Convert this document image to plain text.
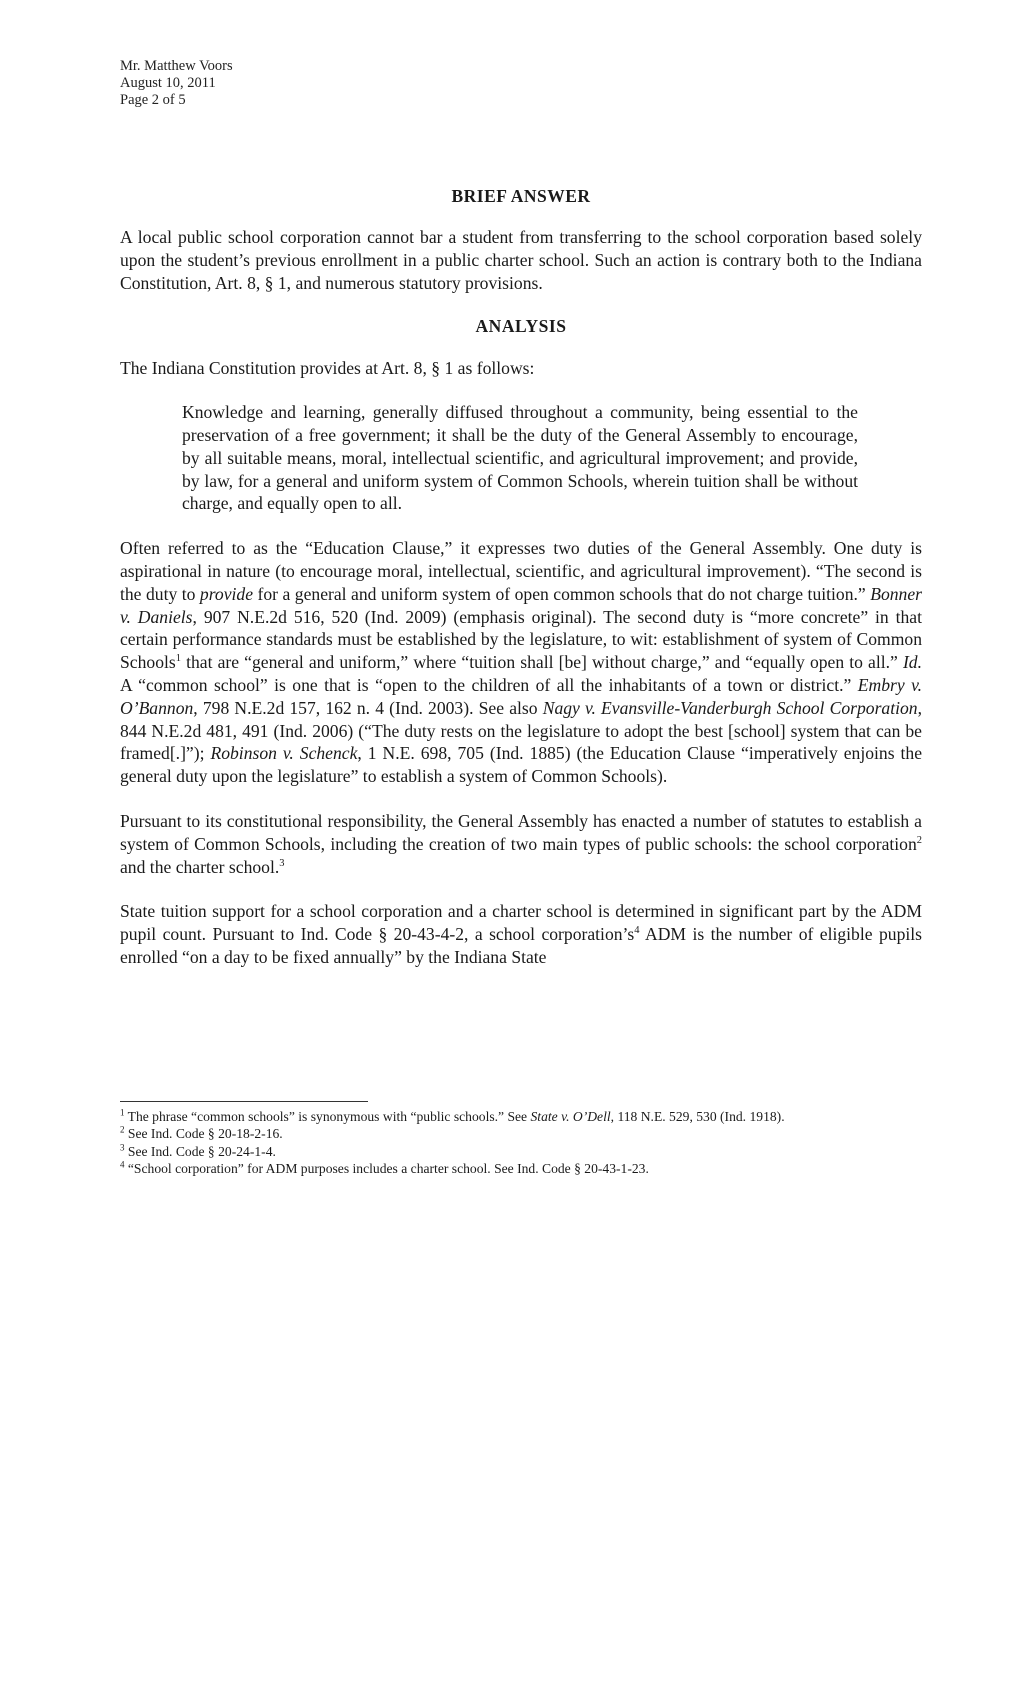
Mr. Matthew Voors
August 10, 2011
Page 2 of 5
BRIEF ANSWER

A local public school corporation cannot bar a student from transferring to the school corporation based solely upon the student’s previous enrollment in a public charter school. Such an action is contrary both to the Indiana Constitution, Art. 8, § 1, and numerous statutory provisions.

ANALYSIS

The Indiana Constitution provides at Art. 8, § 1 as follows:

Knowledge and learning, generally diffused throughout a community, being essential to the preservation of a free government; it shall be the duty of the General Assembly to encourage, by all suitable means, moral, intellectual scientific, and agricultural improvement; and provide, by law, for a general and uniform system of Common Schools, wherein tuition shall be without charge, and equally open to all.

Often referred to as the “Education Clause,” it expresses two duties of the General Assembly. One duty is aspirational in nature (to encourage moral, intellectual, scientific, and agricultural improvement). “The second is the duty to provide for a general and uniform system of open common schools that do not charge tuition.” Bonner v. Daniels, 907 N.E.2d 516, 520 (Ind. 2009) (emphasis original). The second duty is “more concrete” in that certain performance standards must be established by the legislature, to wit: establishment of system of Common Schools$^1$ that are “general and uniform,” where “tuition shall [be] without charge,” and “equally open to all.” Id. A “common school” is one that is “open to the children of all the inhabitants of a town or district.” Embry v. O’Bannon, 798 N.E.2d 157, 162 n. 4 (Ind. 2003). See also Nagy v. Evansville-Vanderburgh School Corporation, 844 N.E.2d 481, 491 (Ind. 2006) (“The duty rests on the legislature to adopt the best [school] system that can be framed[.]”); Robinson v. Schenck, 1 N.E. 698, 705 (Ind. 1885) (the Education Clause “imperatively enjoins the general duty upon the legislature” to establish a system of Common Schools).

Pursuant to its constitutional responsibility, the General Assembly has enacted a number of statutes to establish a system of Common Schools, including the creation of two main types of public schools: the school corporation$^2$ and the charter school.$^3$

State tuition support for a school corporation and a charter school is determined in significant part by the ADM pupil count. Pursuant to Ind. Code § 20-43-4-2, a school $corporation’s^4$ ADM is the number of eligible pupils enrolled “on a day to be fixed annually” by the Indiana State

$^1$ The phrase “common schools” is synonymous with “public schools.” See State v. O’Dell, 118 N.E. 529, 530 (Ind. 1918).

$^2$ See Ind. Code § 20-18-2-16.

$^3$ See Ind. Code § 20-24-1-4.

$^4$ “School corporation” for ADM purposes includes a charter school. See Ind. Code § 20-43-1-23.
